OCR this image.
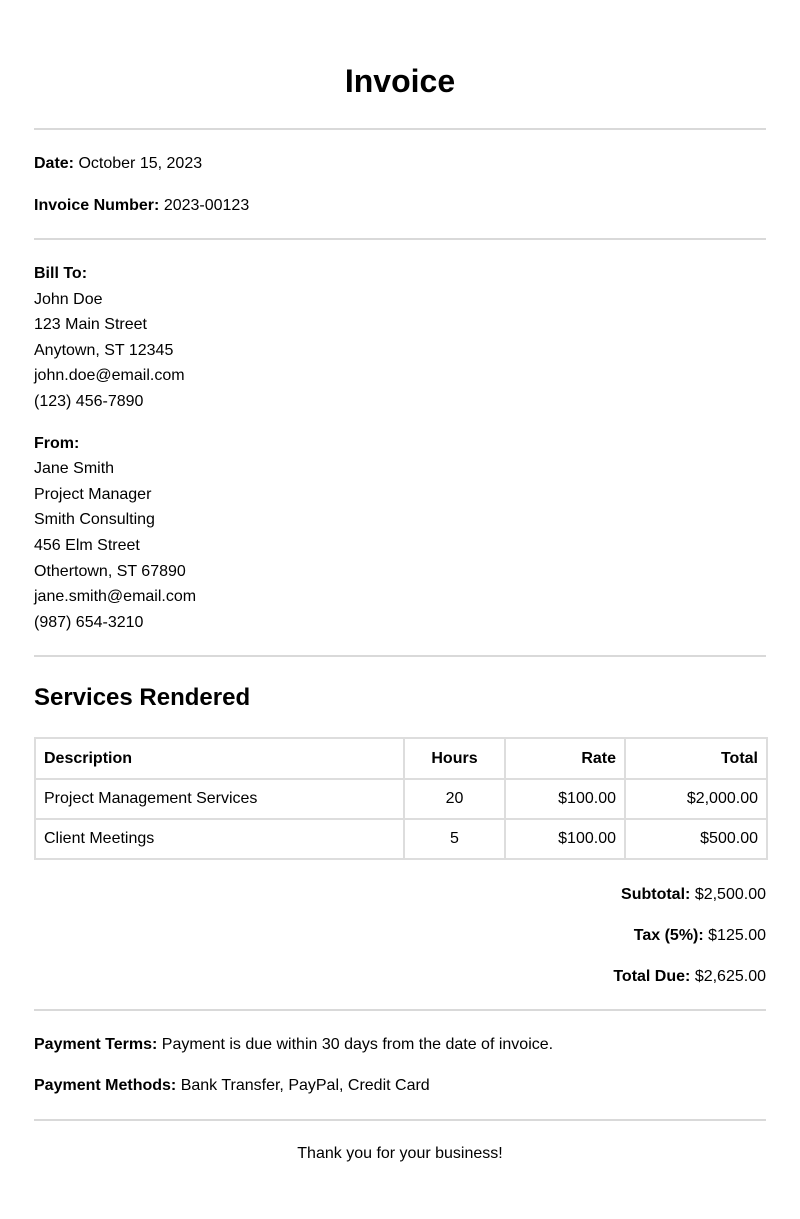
Invoice

Date: October 15, 2023

Invoice Number: 2023-00123

Bill To:
John Doe
123 Main Street
Anytown, ST 12345
john.doe@email.com
(123) 456-7890
From:
Jane Smith
Project Manager
Smith Consulting
456 Elm Street
Othertown, ST 67890
jane.smith@email.com
(987) 654-3210
Services Rendered
Description	Hours	Rate	Total
Project Management Services	20	$100.00	$2,000.00
Client Meetings	5	$100.00	$500.00
Subtotal: $2,500.00
Tax (5%): $125.00
Total Due: $2,625.00

Payment Terms: Payment is due within 30 days from the date of invoice.

Payment Methods: Bank Transfer, PayPal, Credit Card

Thank you for your business!
